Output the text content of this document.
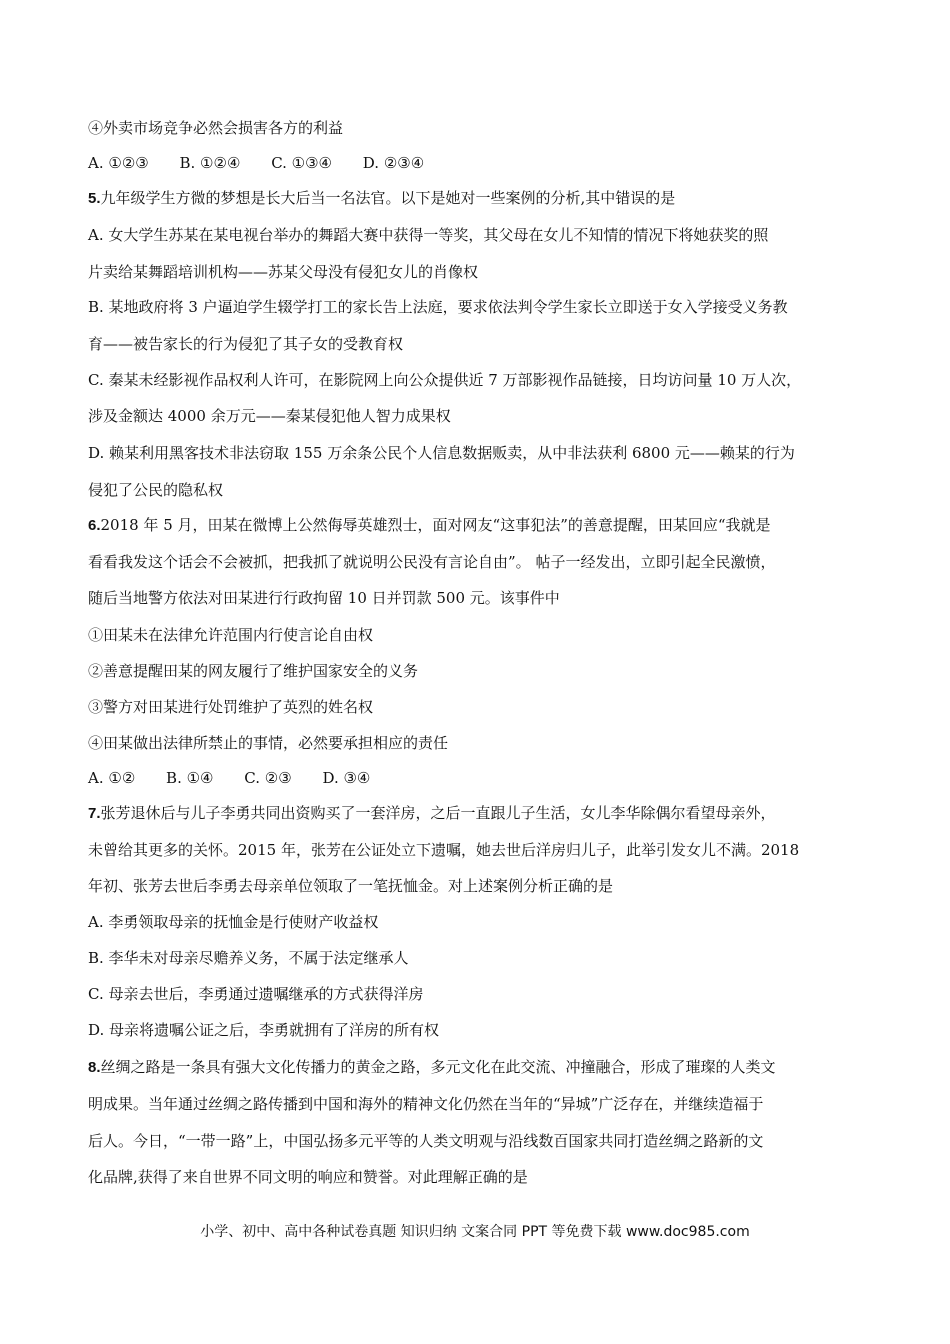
④外卖市场竞争必然会损害各方的利益
A. ①②③ B. ①②④ C. ①③④ D. ②③④
5.九年级学生方微的梦想是长大后当一名法官。以下是她对一些案例的分析,其中错误的是
A. 女大学生苏某在某电视台举办的舞蹈大赛中获得一等奖，其父母在女儿不知情的情况下将她获奖的照
片卖给某舞蹈培训机构——苏某父母没有侵犯女儿的肖像权
B. 某地政府将 3 户逼迫学生辍学打工的家长告上法庭，要求依法判令学生家长立即送于女入学接受义务教
育——被告家长的行为侵犯了其子女的受教育权
C. 秦某未经影视作品权利人许可，在影院网上向公众提供近 7 万部影视作品链接，日均访问量 10 万人次，
涉及金额达 4000 余万元——秦某侵犯他人智力成果权
D. 赖某利用黑客技术非法窃取 155 万余条公民个人信息数据贩卖，从中非法获利 6800 元——赖某的行为
侵犯了公民的隐私权
6.2018 年 5 月，田某在微博上公然侮辱英雄烈士，面对网友“这事犯法”的善意提醒，田某回应“我就是
看看我发这个话会不会被抓，把我抓了就说明公民没有言论自由”。 帖子一经发出，立即引起全民激愤，
随后当地警方依法对田某进行行政拘留 10 日并罚款 500 元。该事件中
①田某未在法律允许范围内行使言论自由权
②善意提醒田某的网友履行了维护国家安全的义务
③警方对田某进行处罚维护了英烈的姓名权
④田某做出法律所禁止的事情，必然要承担相应的责任
A. ①② B. ①④ C. ②③ D. ③④
7.张芳退休后与儿子李勇共同出资购买了一套洋房，之后一直跟儿子生活，女儿李华除偶尔看望母亲外，
未曾给其更多的关怀。2015 年，张芳在公证处立下遗嘱，她去世后洋房归儿子，此举引发女儿不满。2018
年初、张芳去世后李勇去母亲单位领取了一笔抚恤金。对上述案例分析正确的是
A. 李勇领取母亲的抚恤金是行使财产收益权
B. 李华未对母亲尽赡养义务，不属于法定继承人
C. 母亲去世后，李勇通过遗嘱继承的方式获得洋房
D. 母亲将遗嘱公证之后，李勇就拥有了洋房的所有权
8.丝绸之路是一条具有强大文化传播力的黄金之路，多元文化在此交流、冲撞融合，形成了璀璨的人类文
明成果。当年通过丝绸之路传播到中国和海外的精神文化仍然在当年的“异城”广泛存在，并继续造福于
后人。今日，“一带一路”上，中国弘扬多元平等的人类文明观与沿线数百国家共同打造丝绸之路新的文
化品牌,获得了来自世界不同文明的响应和赞誉。对此理解正确的是
小学、初中、高中各种试卷真题 知识归纳 文案合同 PPT 等免费下载 www.doc985.com
